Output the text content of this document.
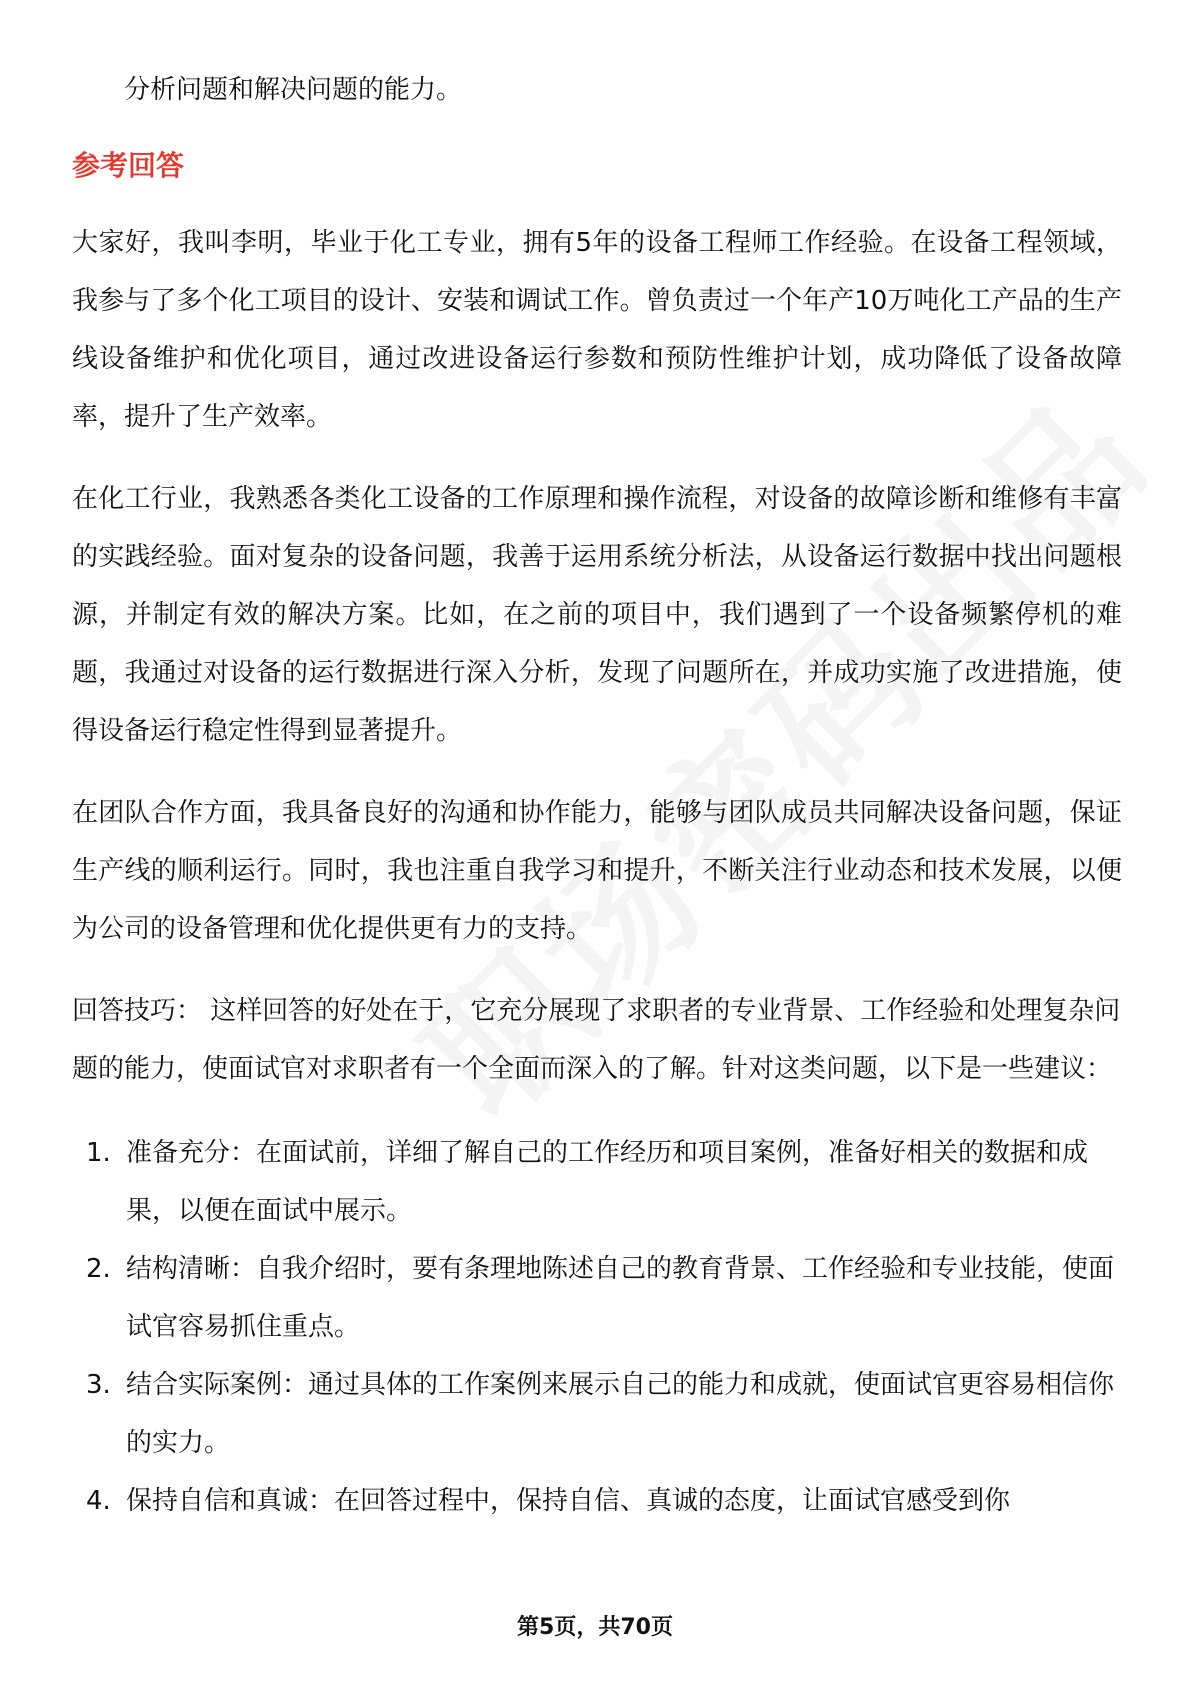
分析问题和解决问题的能力。

参考回答

大家好，我叫李明，毕业于化工专业，拥有5年的设备工程师工作经验。在设备工程领域，我参与了多个化工项目的设计、安装和调试工作。曾负责过一个年产10万吨化工产品的生产线设备维护和优化项目，通过改进设备运行参数和预防性维护计划，成功降低了设备故障率，提升了生产效率。

在化工行业，我熟悉各类化工设备的工作原理和操作流程，对设备的故障诊断和维修有丰富的实践经验。面对复杂的设备问题，我善于运用系统分析法，从设备运行数据中找出问题根源，并制定有效的解决方案。比如，在之前的项目中，我们遇到了一个设备频繁停机的难题，我通过对设备的运行数据进行深入分析，发现了问题所在，并成功实施了改进措施，使得设备运行稳定性得到显著提升。

在团队合作方面，我具备良好的沟通和协作能力，能够与团队成员共同解决设备问题，保证生产线的顺利运行。同时，我也注重自我学习和提升，不断关注行业动态和技术发展，以便为公司的设备管理和优化提供更有力的支持。

回答技巧： 这样回答的好处在于，它充分展现了求职者的专业背景、工作经验和处理复杂问题的能力，使面试官对求职者有一个全面而深入的了解。针对这类问题，以下是一些建议：

1. 准备充分：在面试前，详细了解自己的工作经历和项目案例，准备好相关的数据和成果，以便在面试中展示。
2. 结构清晰：自我介绍时，要有条理地陈述自己的教育背景、工作经验和专业技能，使面试官容易抓住重点。
3. 结合实际案例：通过具体的工作案例来展示自己的能力和成就，使面试官更容易相信你的实力。
4. 保持自信和真诚：在回答过程中，保持自信、真诚的态度，让面试官感受到你
第5页，共70页
